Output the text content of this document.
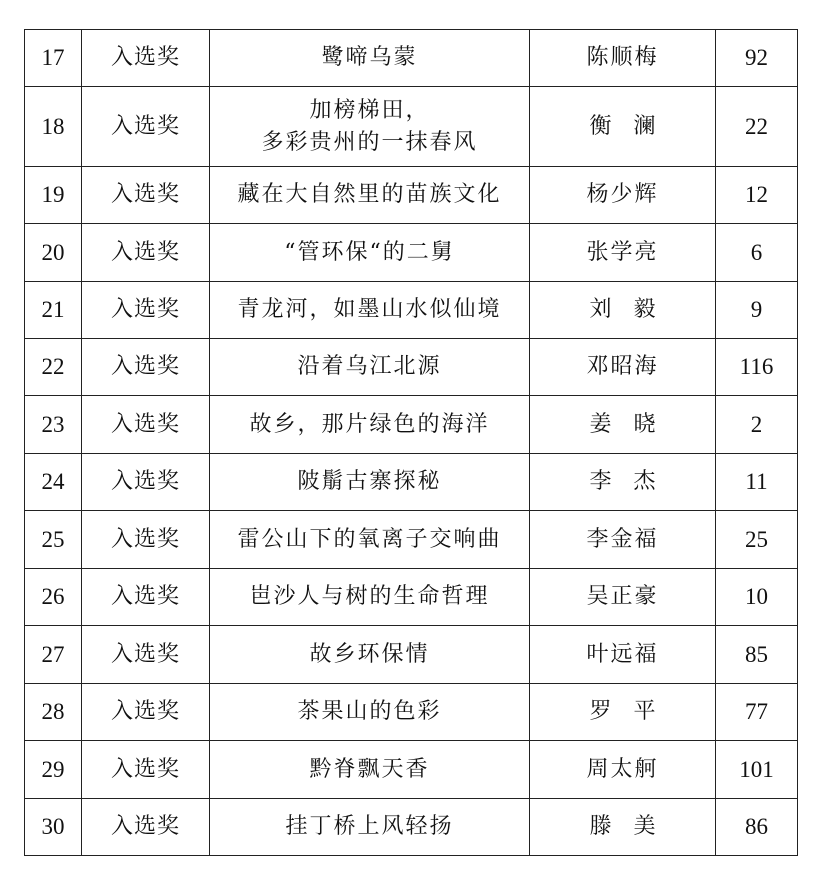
17	入选奖	鹭啼乌蒙	陈顺梅	92
18	入选奖	加榜梯田，
多彩贵州的一抹春风	衡澜	22
19	入选奖	藏在大自然里的苗族文化	杨少辉	12
20	入选奖	“管环保“的二舅	张学亮	6
21	入选奖	青龙河，如墨山水似仙境	刘毅	9
22	入选奖	沿着乌江北源	邓昭海	116
23	入选奖	故乡，那片绿色的海洋	姜晓	2
24	入选奖	陂鬅古寨探秘	李杰	11
25	入选奖	雷公山下的氧离子交响曲	李金福	25
26	入选奖	岜沙人与树的生命哲理	吴正豪	10
27	入选奖	故乡环保情	叶远福	85
28	入选奖	茶果山的色彩	罗平	77
29	入选奖	黔脊飘天香	周太舸	101
30	入选奖	挂丁桥上风轻扬	滕美	86
